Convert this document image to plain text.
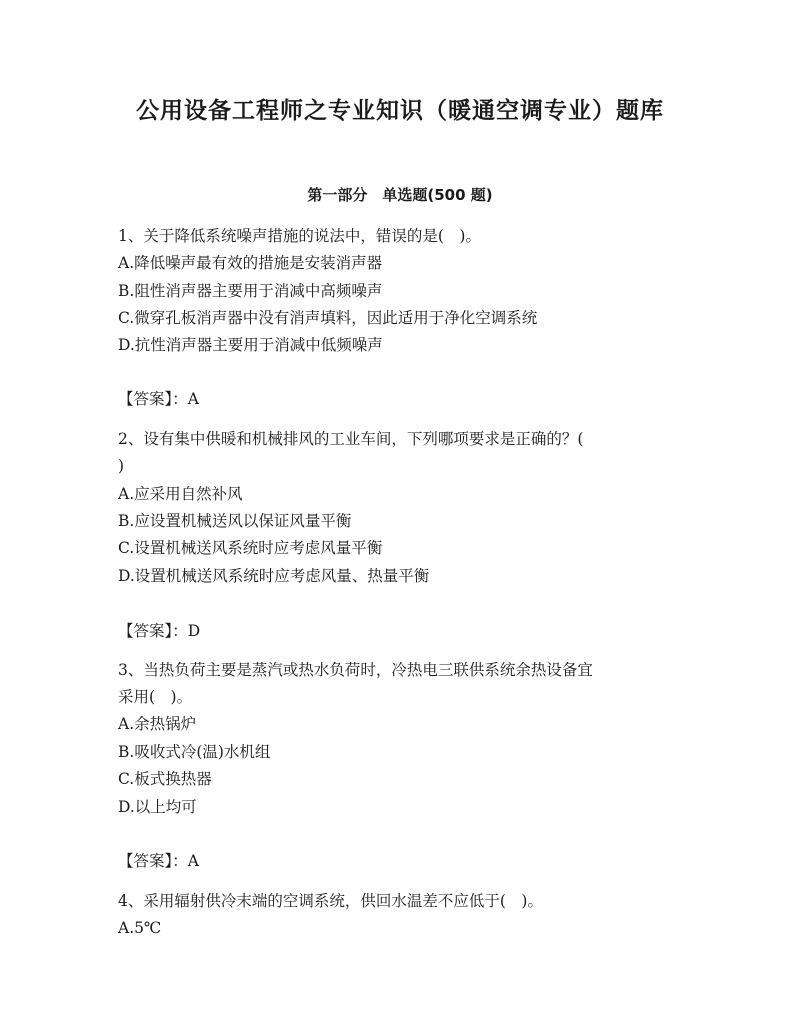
公用设备工程师之专业知识（暖通空调专业）题库
第一部分　单选题(500 题)
1、关于降低系统噪声措施的说法中，错误的是(　)。
A.降低噪声最有效的措施是安装消声器
B.阻性消声器主要用于消减中高频噪声
C.微穿孔板消声器中没有消声填料，因此适用于净化空调系统
D.抗性消声器主要用于消减中低频噪声
【答案】：A
2、设有集中供暖和机械排风的工业车间，下列哪项要求是正确的？(
)
A.应采用自然补风
B.应设置机械送风以保证风量平衡
C.设置机械送风系统时应考虑风量平衡
D.设置机械送风系统时应考虑风量、热量平衡
【答案】：D
3、当热负荷主要是蒸汽或热水负荷时，冷热电三联供系统余热设备宜
采用(　)。
A.余热锅炉
B.吸收式冷(温)水机组
C.板式换热器
D.以上均可
【答案】：A
4、采用辐射供冷末端的空调系统，供回水温差不应低于(　)。
A.5℃
